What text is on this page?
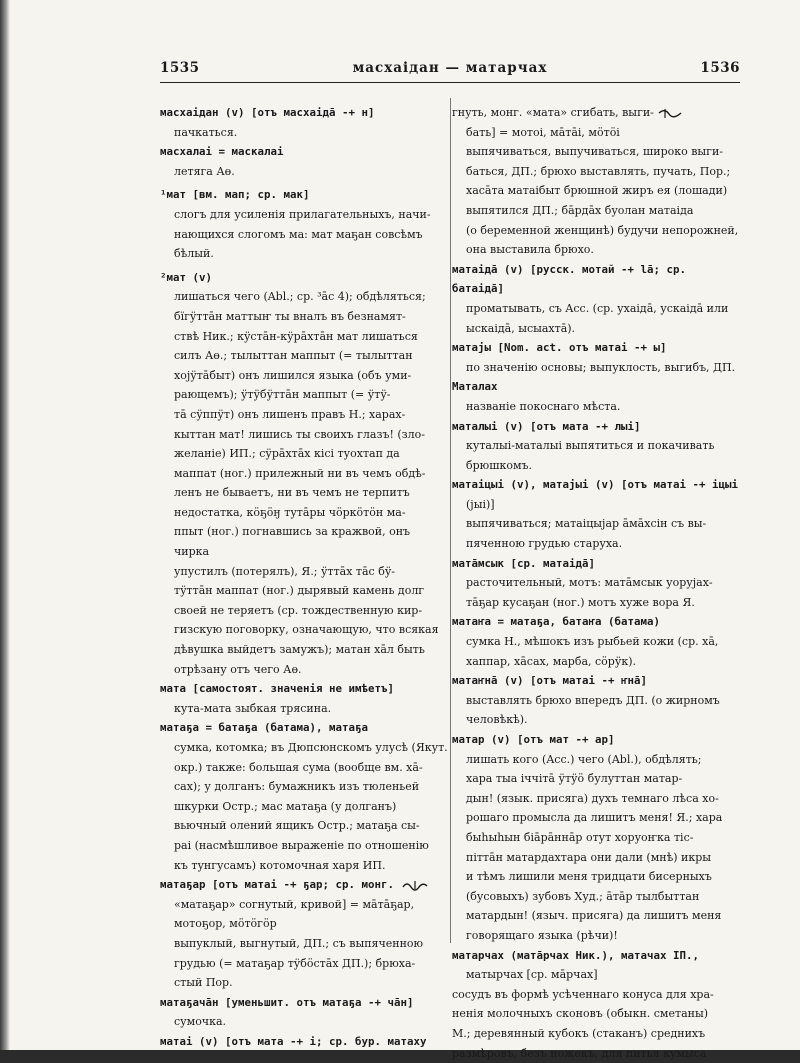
1535	масхаідан — матарчах	1536
масхаідан (v) [отъ масхаідā ‑+ н]
пачкаться.
масхалаі = маскалаі
летяга Аө.
¹мат [вм. мап; ср. мак]
слогъ для усиленія прилагательныхъ, начи-
нающихся слогомъ ма: мат маҕан совсѣмъ
бѣлый.
²мат (v)
лишаться чего (Abl.; ср. ³āс 4); обдѣляться;
бїгӱттāн маттыҥ ты вналъ въ безнамят-
ствѣ Ник.; кӱстāн-кӱрāхтāн мат лишаться
силъ Аө.; тылыттан маппыт (= тылыттан
хоjӱтāбыт) онъ лишился языка (объ уми-
рающемъ); ӱтӱбӱттāн маппыт (= ӱтӱ-
тā сӱппӱт) онъ лишенъ правъ Н.; харах-
кыттан мат! лишись ты своихъ глазъ! (зло-
желаніе) ИП.; сӱрāхтāх кісі туохтап да
маппат (ног.) прилежный ни въ чемъ обдѣ-
ленъ не бываетъ, ни въ чемъ не терпитъ
недостатка, кӧҕӧӈ тутāры чӧркӧтӧн ма-
ппыт (ног.) погнавшись за кражвой, онъ чирка
упустилъ (потерялъ), Я.; ӱттāх тāс бӱ-
тӱттāн маппат (ног.) дырявый камень долг
своей не теряетъ (ср. тождественную кир-
гизскую поговорку, означающую, что всякая
дѣвушка выйдетъ замужъ); матан хāл быть
отрѣзану отъ чего Аө.
мата [самостоят. значенія не имѣетъ]
кута-мата зыбкая трясина.
матаҕа = батаҕа (батама), матаҕа
сумка, котомка; въ Дюпсюнскомъ улусѣ (Якут.
окр.) также: большая сума (вообще вм. хā-
сах); у долганъ: бумажникъ изъ тюленьей
шкурки Остр.; мас матаҕа (у долганъ)
вьючный олений ящикъ Остр.; матаҕа сы-
раі (насмѣшливое выраженіе по отношенію
къ тунгусамъ) котомочная харя ИП.
матаҕар [отъ матаі ‑+ ҕар; ср. монг.
«матаҕар» согнутый, кривой] = мāтāҕар,
мотоҕор, мӧтӧгӧр
выпуклый, выгнутый, ДП.; съ выпяченною
грудью (= матаҕар тӱбӧстāх ДП.); брюха-
стый Пор.
матаҕачāн [уменьшит. отъ матаҕа ‑+ чāн]
сумочка.
матаі (v) [отъ мата ‑+ і; ср. бур. матаху
гнуть, монг. «мата» сгибать, выги-
бать] = мотоі, мāтāі, мӧтӧі
выпячиваться, выпучиваться, широко выги-
баться, ДП.; брюхо выставлять, пучать, Пор.;
хасāта матаібыт брюшной жиръ ея (лошади)
выпятился ДП.; бāрдāх буолан матаіда
(о беременной женщинѣ) будучи непорожней,
она выставила брюхо.
матаідā (v) [русск. мотай ‑+ lā; ср. батаідā]
проматывать, съ Acc. (ср. ухаідā, ускаідā или
ыскаідā, ысыахтā).
матаjы [Nom. act. отъ матаі ‑+ ы]
по значенію основы; выпуклость, выгибъ, ДП.
Маталах
названіе покоснаго мѣста.
маталыі (v) [отъ мата ‑+ лыі]
кутaлыі-маталыі выпятиться и покачивать
брюшкомъ.
матаіцыі (v), матаjыі (v) [отъ матаі ‑+ іцыі
(jыі)]
выпячиваться; матаіцыjар āмāхсiн съ вы-
пяченною грудью старуха.
матāмсык [ср. матаідā]
расточительный, мотъ: матāмсык уоруjах-
тāҕар кусаҕан (ног.) мотъ хуже вора Я.
матаҥа = матаҕа, батаҥа (батама)
сумка Н., мѣшокъ изъ рыбьей кожи (ср. хā,
хаппар, хāсах, марба, сӧрӱк).
матаҥнā (v) [отъ матаі ‑+ ҥнā]
выставлять брюхо впередъ ДП. (о жирномъ
человѣкѣ).
матар (v) [отъ мат ‑+ ар]
лишать кого (Acc.) чего (Abl.), обдѣлять;
хара тыа іччітā ӱтӱӧ булуттан матар-
дын! (язык. присяга) духъ темнаго лѣса хо-
рошаго промысла да лишитъ меня! Я.; хара
быhыһын біāрāннāр отут хоруоҥка тiс-
піттāн матардахтара они дали (мнѣ) икры
и тѣмъ лишили меня тридцати бисерныхъ
(бусовыхъ) зубовъ Худ.; āтāр тылбыттан
матардын! (языч. присяга) да лишитъ меня
говорящаго языка (рѣчи)!
матарчах (матāрчах Ник.), матачах ІП.,
матырчах [ср. мāрчах]
сосудъ въ формѣ усѣченнаго конуса для хра-
ненія молочныхъ сконовъ (обыкн. сметаны)
М.; деревянный кубокъ (стаканъ) среднихъ
размѣровъ, безъ ножекъ, для питья кумыса
